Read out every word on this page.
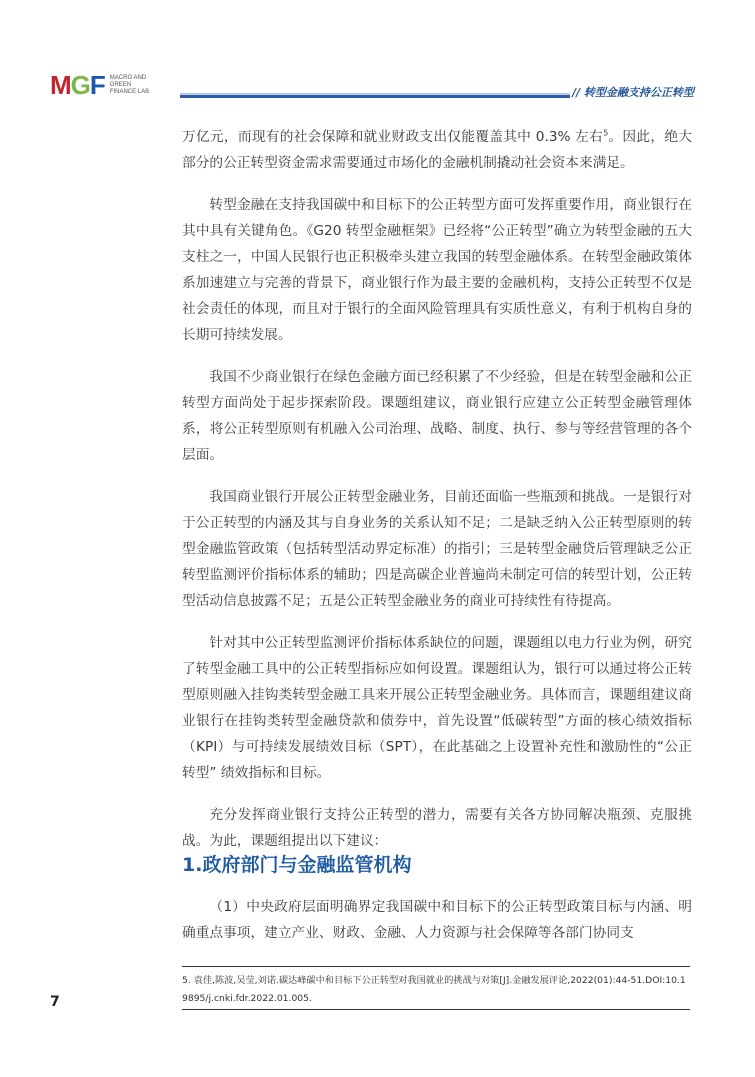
MGF MACRO AND
GREEN
FINANCE LAB	// 转型金融支持公正转型

万亿元，而现有的社会保障和就业财政支出仅能覆盖其中 0.3% 左右$^5$。因此，绝大部分的公正转型资金需求需要通过市场化的金融机制撬动社会资本来满足。

转型金融在支持我国碳中和目标下的公正转型方面可发挥重要作用，商业银行在其中具有关键角色。《G20 转型金融框架》已经将“公正转型”确立为转型金融的五大支柱之一，中国人民银行也正积极牵头建立我国的转型金融体系。在转型金融政策体系加速建立与完善的背景下，商业银行作为最主要的金融机构，支持公正转型不仅是社会责任的体现，而且对于银行的全面风险管理具有实质性意义，有利于机构自身的长期可持续发展。

我国不少商业银行在绿色金融方面已经积累了不少经验，但是在转型金融和公正转型方面尚处于起步探索阶段。课题组建议，商业银行应建立公正转型金融管理体系，将公正转型原则有机融入公司治理、战略、制度、执行、参与等经营管理的各个层面。

我国商业银行开展公正转型金融业务，目前还面临一些瓶颈和挑战。一是银行对于公正转型的内涵及其与自身业务的关系认知不足；二是缺乏纳入公正转型原则的转型金融监管政策（包括转型活动界定标准）的指引；三是转型金融贷后管理缺乏公正转型监测评价指标体系的辅助；四是高碳企业普遍尚未制定可信的转型计划，公正转型活动信息披露不足；五是公正转型金融业务的商业可持续性有待提高。

针对其中公正转型监测评价指标体系缺位的问题，课题组以电力行业为例，研究了转型金融工具中的公正转型指标应如何设置。课题组认为，银行可以通过将公正转型原则融入挂钩类转型金融工具来开展公正转型金融业务。具体而言，课题组建议商业银行在挂钩类转型金融贷款和债券中，首先设置“低碳转型”方面的核心绩效指标（KPI）与可持续发展绩效目标（SPT），在此基础之上设置补充性和激励性的“公正转型” 绩效指标和目标。

充分发挥商业银行支持公正转型的潜力，需要有关各方协同解决瓶颈、克服挑战。为此，课题组提出以下建议：

1.政府部门与金融监管机构

（1）中央政府层面明确界定我国碳中和目标下的公正转型政策目标与内涵、明确重点事项，建立产业、财政、金融、人力资源与社会保障等各部门协同支

5. 袁佳,陈波,吴莹,刘诺.碳达峰碳中和目标下公正转型对我国就业的挑战与对策[J].金融发展评论,2022(01):44-51.DOI:10.19895/j.cnki.fdr.2022.01.005.
7
